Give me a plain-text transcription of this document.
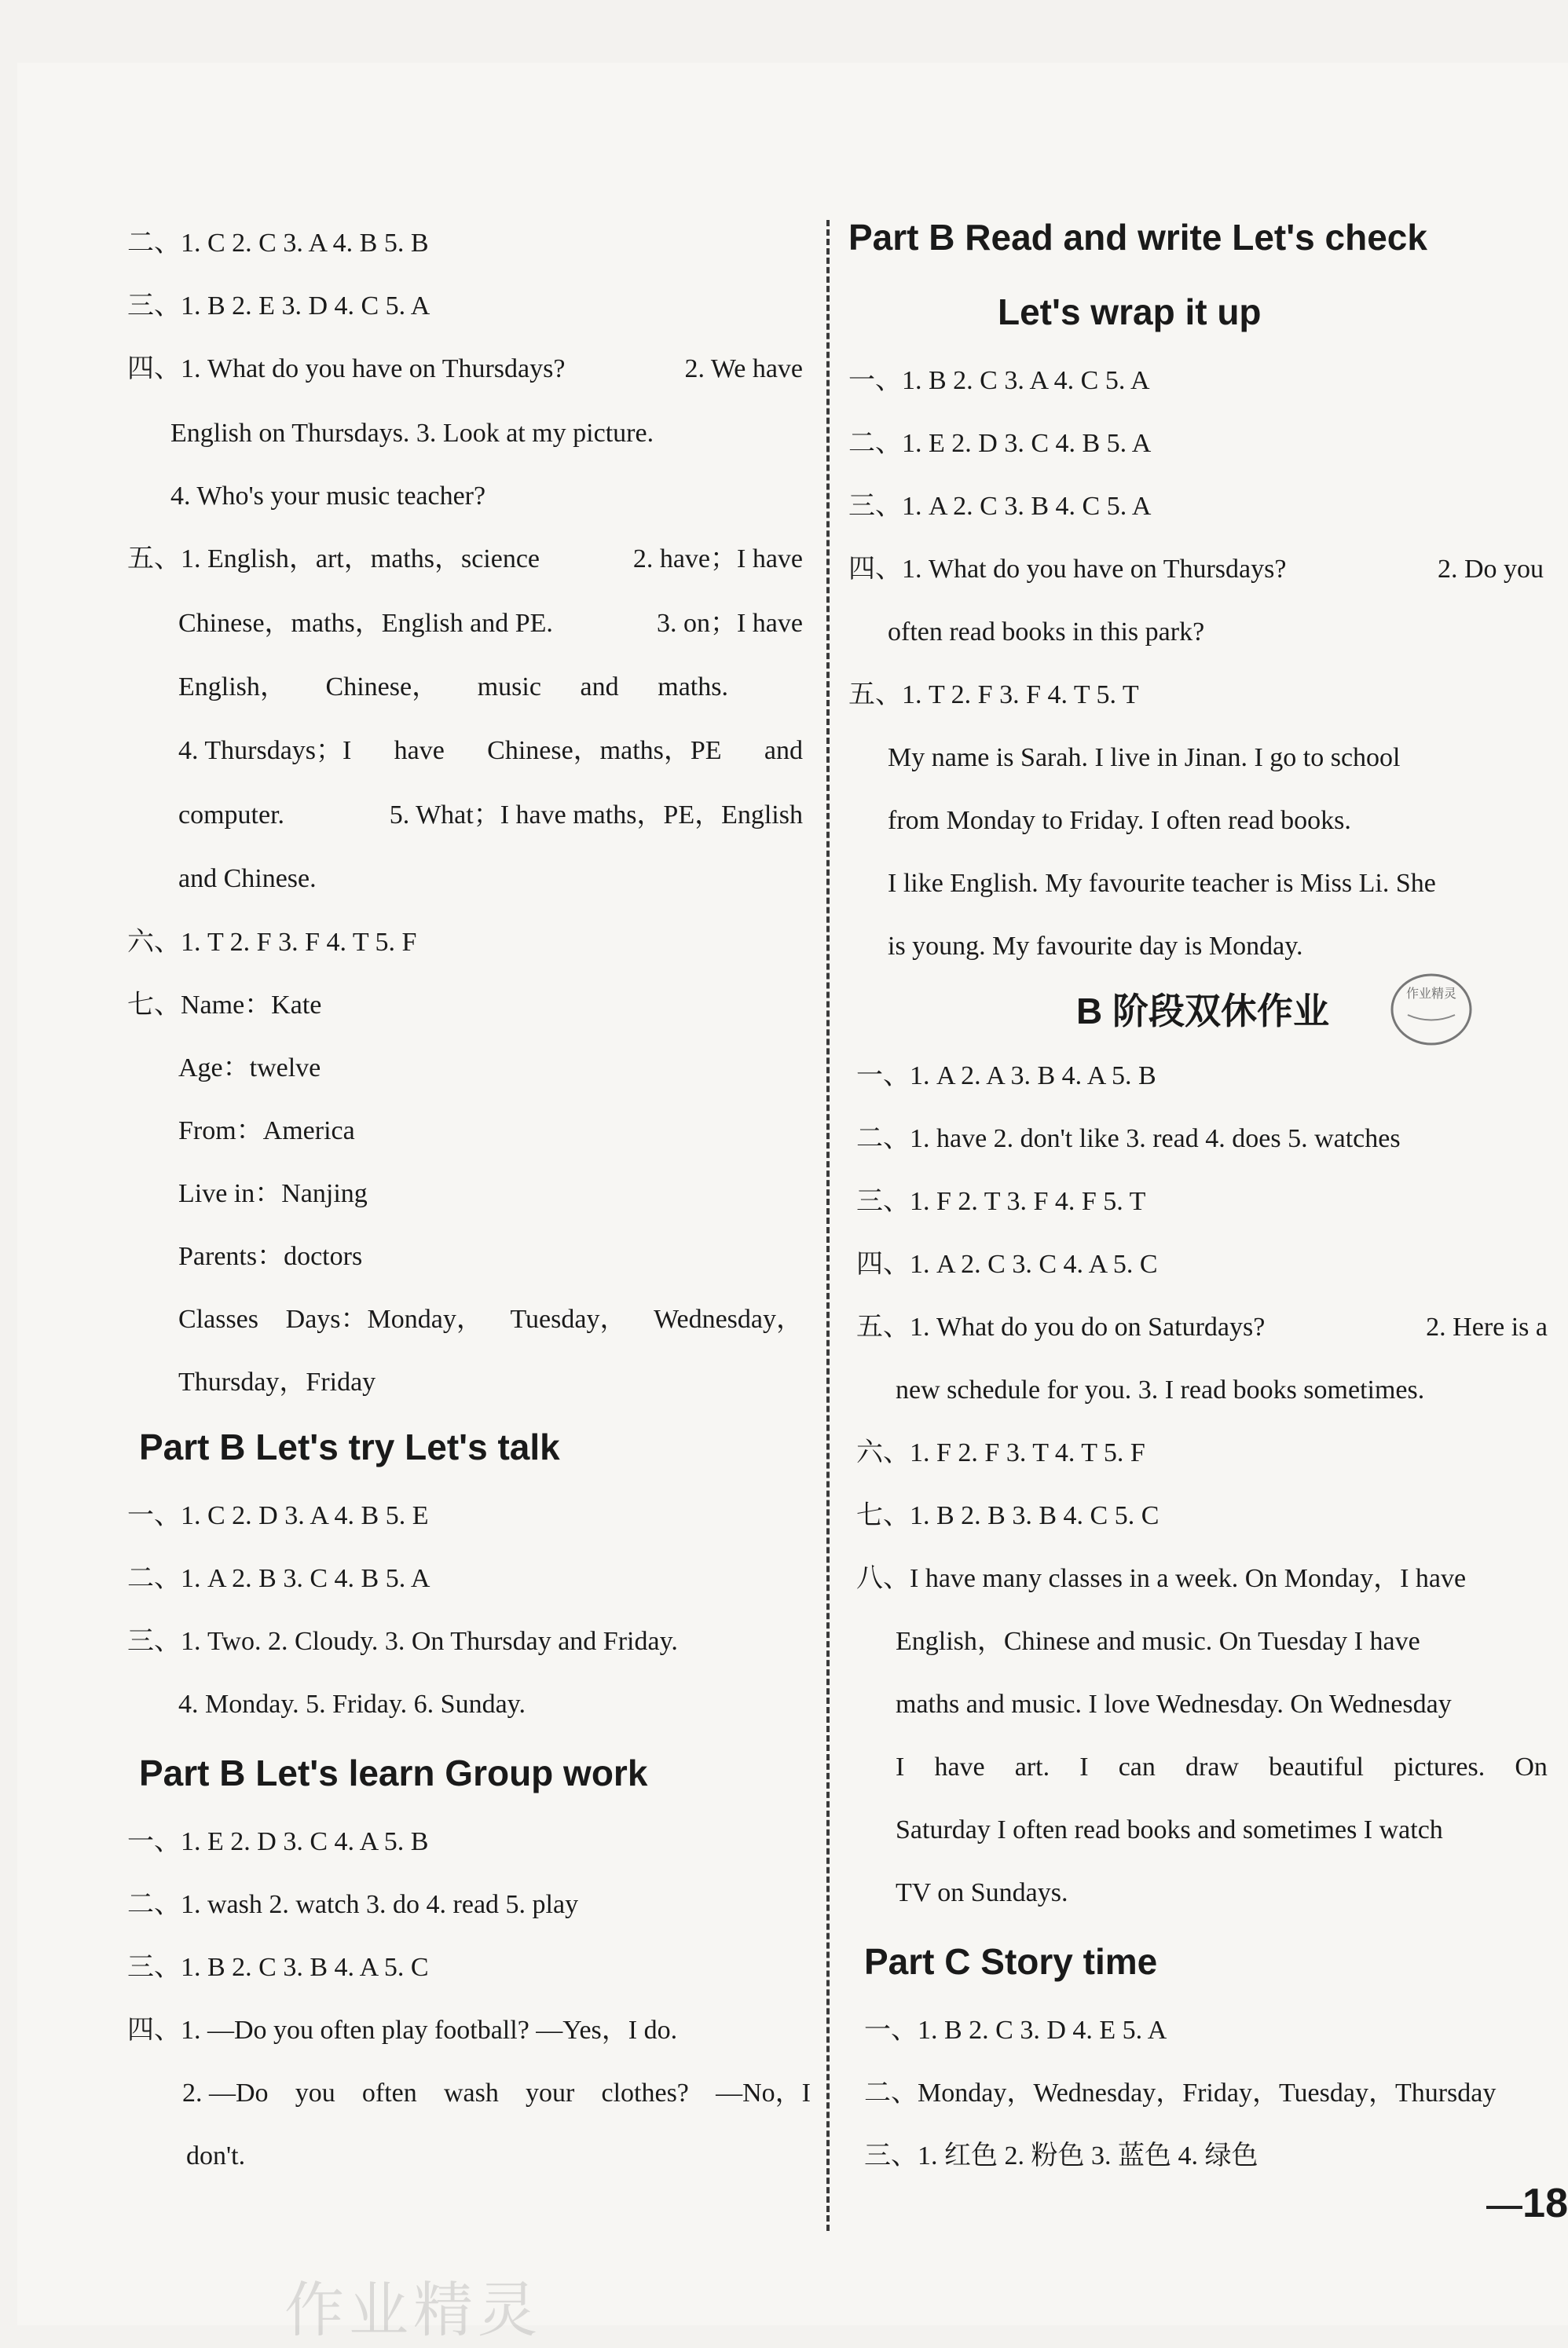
二、1. C 2. C 3. A 4. B 5. B
三、1. B 2. E 3. D 4. C 5. A
四、1. What do you have on Thursdays?	2. We have
English on Thursdays. 3. Look at my picture.
4. Who's your music teacher?
五、1. English，art，maths，science	2. have；I have
Chinese，maths，English and PE.	3. on；I have
English， Chinese， music and maths.
4. Thursdays；I have Chinese，maths，PE and
computer.	5. What；I have maths，PE，English
and Chinese.
六、1. T 2. F 3. F 4. T 5. F
七、Name：Kate
Age：twelve
From：America
Live in：Nanjing
Parents：doctors
Classes Days：Monday， Tuesday， Wednesday，
Thursday，Friday
Part B Let's try Let's talk
一、1. C 2. D 3. A 4. B 5. E
二、1. A 2. B 3. C 4. B 5. A
三、1. Two. 2. Cloudy. 3. On Thursday and Friday.
4. Monday. 5. Friday. 6. Sunday.
Part B Let's learn Group work
一、1. E 2. D 3. C 4. A 5. B
二、1. wash 2. watch 3. do 4. read 5. play
三、1. B 2. C 3. B 4. A 5. C
四、1. —Do you often play football? —Yes，I do.
2. —Do you often wash your clothes? —No，I
don't.
Part B Read and write Let's check
Let's wrap it up
一、1. B 2. C 3. A 4. C 5. A
二、1. E 2. D 3. C 4. B 5. A
三、1. A 2. C 3. B 4. C 5. A
四、1. What do you have on Thursdays?	2. Do you
often read books in this park?
五、1. T 2. F 3. F 4. T 5. T
My name is Sarah. I live in Jinan. I go to school
from Monday to Friday. I often read books.
I like English. My favourite teacher is Miss Li. She
is young. My favourite day is Monday.
B 阶段双休作业
一、1. A 2. A 3. B 4. A 5. B
二、1. have 2. don't like 3. read 4. does 5. watches
三、1. F 2. T 3. F 4. F 5. T
四、1. A 2. C 3. C 4. A 5. C
五、1. What do you do on Saturdays?	2. Here is a
new schedule for you. 3. I read books sometimes.
六、1. F 2. F 3. T 4. T 5. F
七、1. B 2. B 3. B 4. C 5. C
八、I have many classes in a week. On Monday，I have
English，Chinese and music. On Tuesday I have
maths and music. I love Wednesday. On Wednesday
I have art. I can draw beautiful pictures. On
Saturday I often read books and sometimes I watch
TV on Sundays.
Part C Story time
一、1. B 2. C 3. D 4. E 5. A
二、Monday，Wednesday，Friday，Tuesday，Thursday
三、1. 红色 2. 粉色 3. 蓝色 4. 绿色
作业精灵
18
作业精灵
